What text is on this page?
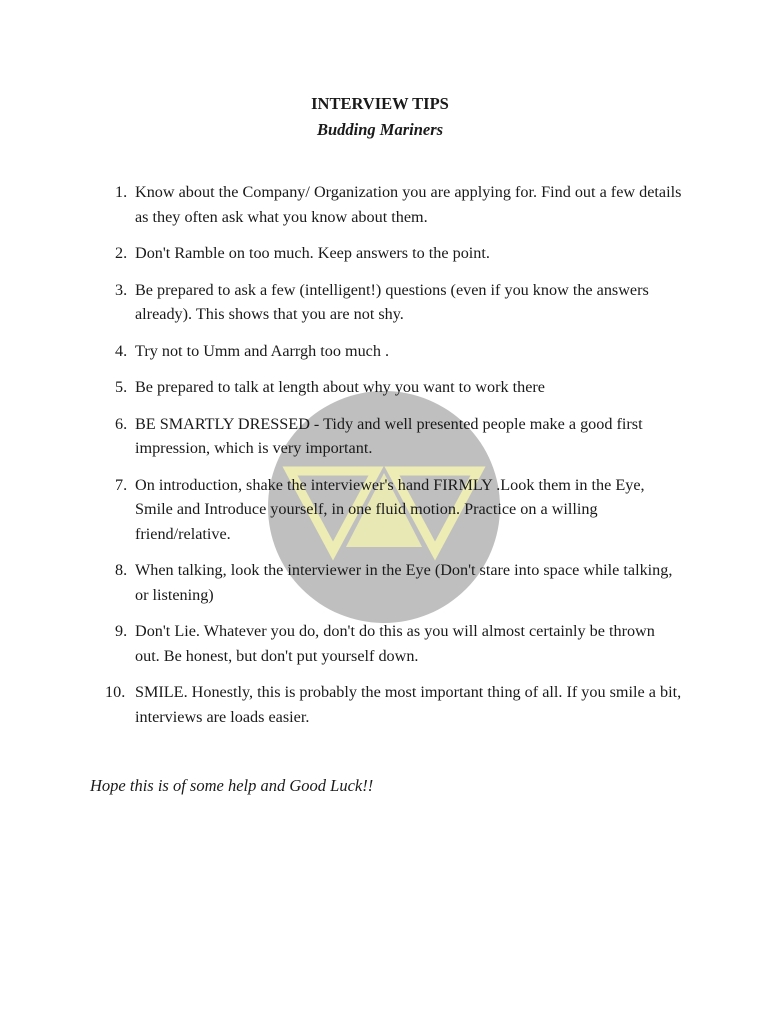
INTERVIEW TIPS
Budding Mariners
1. Know about the Company/ Organization you are applying for. Find out a few details as they often ask what you know about them.
2. Don't Ramble on too much. Keep answers to the point.
3. Be prepared to ask a few (intelligent!) questions (even if you know the answers already). This shows that you are not shy.
4. Try not to Umm and Aarrgh too much .
5. Be prepared to talk at length about why you want to work there
6. BE SMARTLY DRESSED - Tidy and well presented people make a good first impression, which is very important.
7. On introduction, shake the interviewer's hand FIRMLY .Look them in the Eye, Smile and Introduce yourself, in one fluid motion. Practice on a willing friend/relative.
8. When talking, look the interviewer in the Eye (Don't stare into space while talking, or listening)
9. Don't Lie. Whatever you do, don't do this as you will almost certainly be thrown out. Be honest, but don't put yourself down.
10. SMILE. Honestly, this is probably the most important thing of all. If you smile a bit, interviews are loads easier.

Hope this is of some help and Good Luck!!
